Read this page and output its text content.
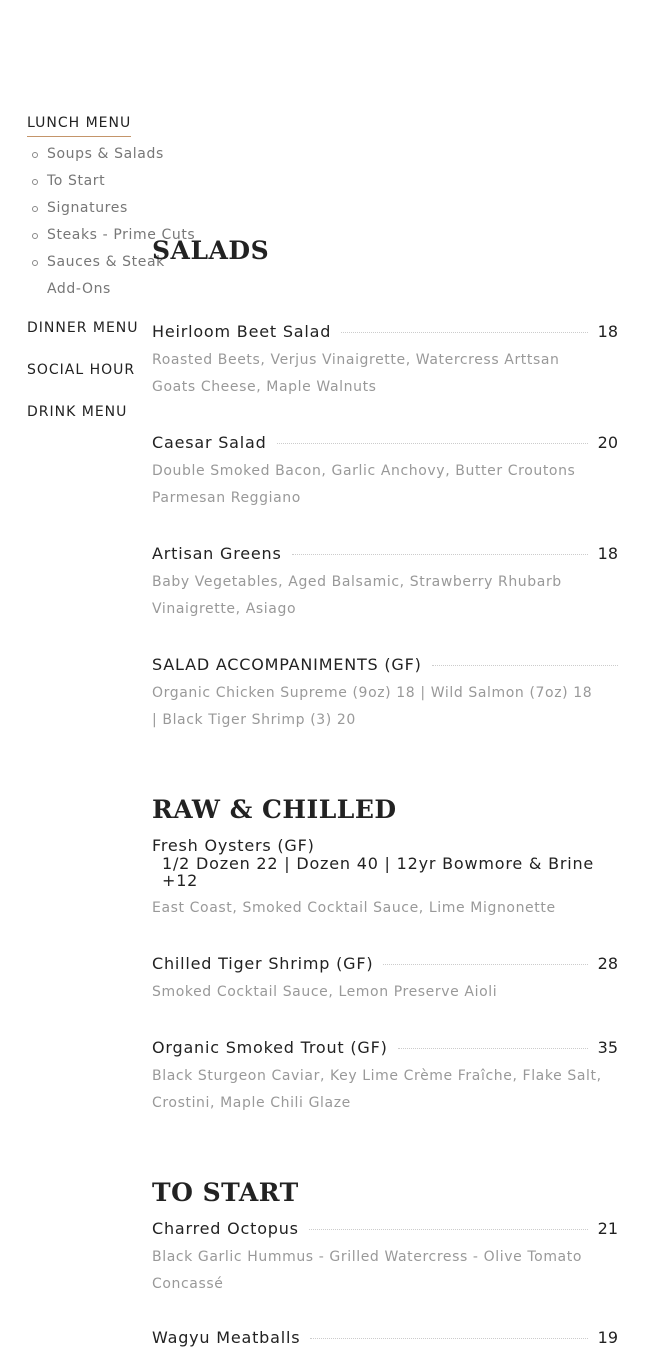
LUNCH MENU
Soups & Salads
To Start
Signatures
Steaks - Prime Cuts
Sauces & Steak Add-Ons
DINNER MENU
SOCIAL HOUR
DRINK MENU
SALADS
Heirloom Beet Salad	18
Roasted Beets, Verjus Vinaigrette, Watercress Arttsan Goats Cheese, Maple Walnuts
Caesar Salad	20
Double Smoked Bacon, Garlic Anchovy, Butter Croutons Parmesan Reggiano
Artisan Greens	18
Baby Vegetables, Aged Balsamic, Strawberry Rhubarb Vinaigrette, Asiago
SALAD ACCOMPANIMENTS (GF)
Organic Chicken Supreme (9oz) 18 | Wild Salmon (7oz) 18 | Black Tiger Shrimp (3) 20
RAW & CHILLED
Fresh Oysters (GF)
1/2 Dozen 22 | Dozen 40 | 12yr Bowmore & Brine +12
East Coast, Smoked Cocktail Sauce, Lime Mignonette
Chilled Tiger Shrimp (GF)	28
Smoked Cocktail Sauce, Lemon Preserve Aioli
Organic Smoked Trout (GF)	35
Black Sturgeon Caviar, Key Lime Crème Fraîche, Flake Salt, Crostini, Maple Chili Glaze
TO START
Charred Octopus	21
Black Garlic Hummus - Grilled Watercress - Olive Tomato Concassé
Wagyu Meatballs	19
